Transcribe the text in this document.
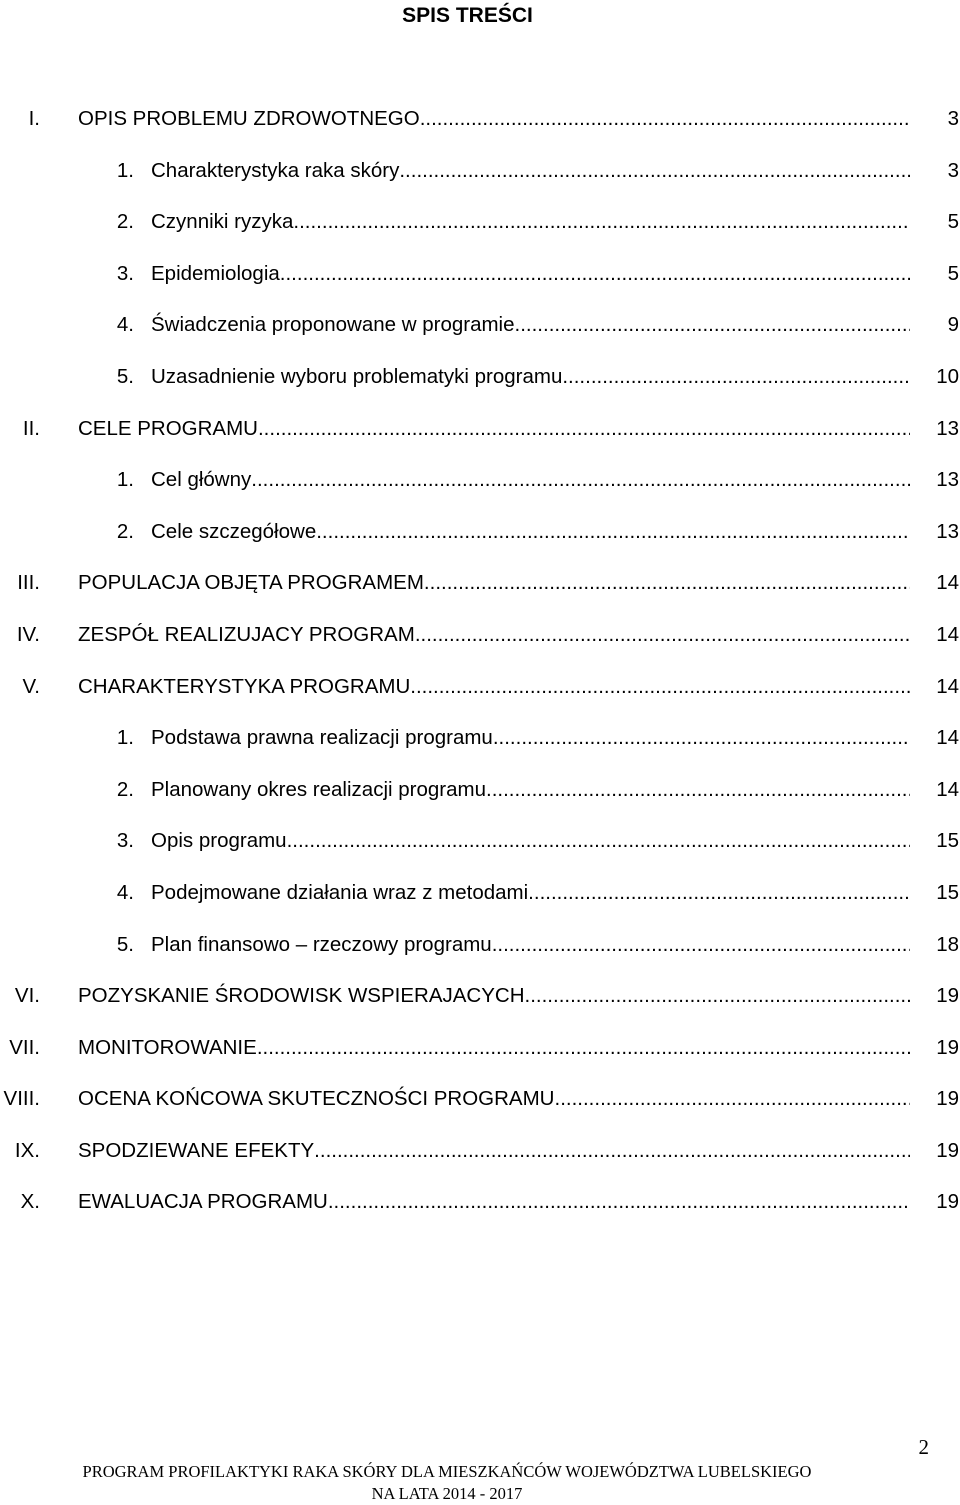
SPIS TREŚCI
I. OPIS PROBLEMU ZDROWOTNEGO .....	3
1. Charakterystyka raka skóry .....	3
2. Czynniki ryzyka .....	5
3. Epidemiologia .....	5
4. Świadczenia proponowane w programie .....	9
5. Uzasadnienie wyboru problematyki programu .....	10
II. CELE PROGRAMU .....	13
1. Cel główny .....	13
2. Cele szczegółowe .....	13
III. POPULACJA OBJĘTA PROGRAMEM .....	14
IV. ZESPÓŁ REALIZUJACY PROGRAM .....	14
V. CHARAKTERYSTYKA PROGRAMU .....	14
1. Podstawa prawna realizacji programu .....	14
2. Planowany okres realizacji programu .....	14
3. Opis programu .....	15
4. Podejmowane działania wraz z metodami .....	15
5. Plan finansowo – rzeczowy programu .....	18
VI. POZYSKANIE ŚRODOWISK WSPIERAJACYCH .....	19
VII. MONITOROWANIE .....	19
VIII. OCENA KOŃCOWA SKUTECZNOŚCI PROGRAMU .....	19
IX. SPODZIEWANE EFEKTY .....	19
X. EWALUACJA PROGRAMU .....	19
2
PROGRAM PROFILAKTYKI RAKA SKÓRY DLA MIESZKAŃCÓW WOJEWÓDZTWA LUBELSKIEGO
NA LATA 2014 - 2017
